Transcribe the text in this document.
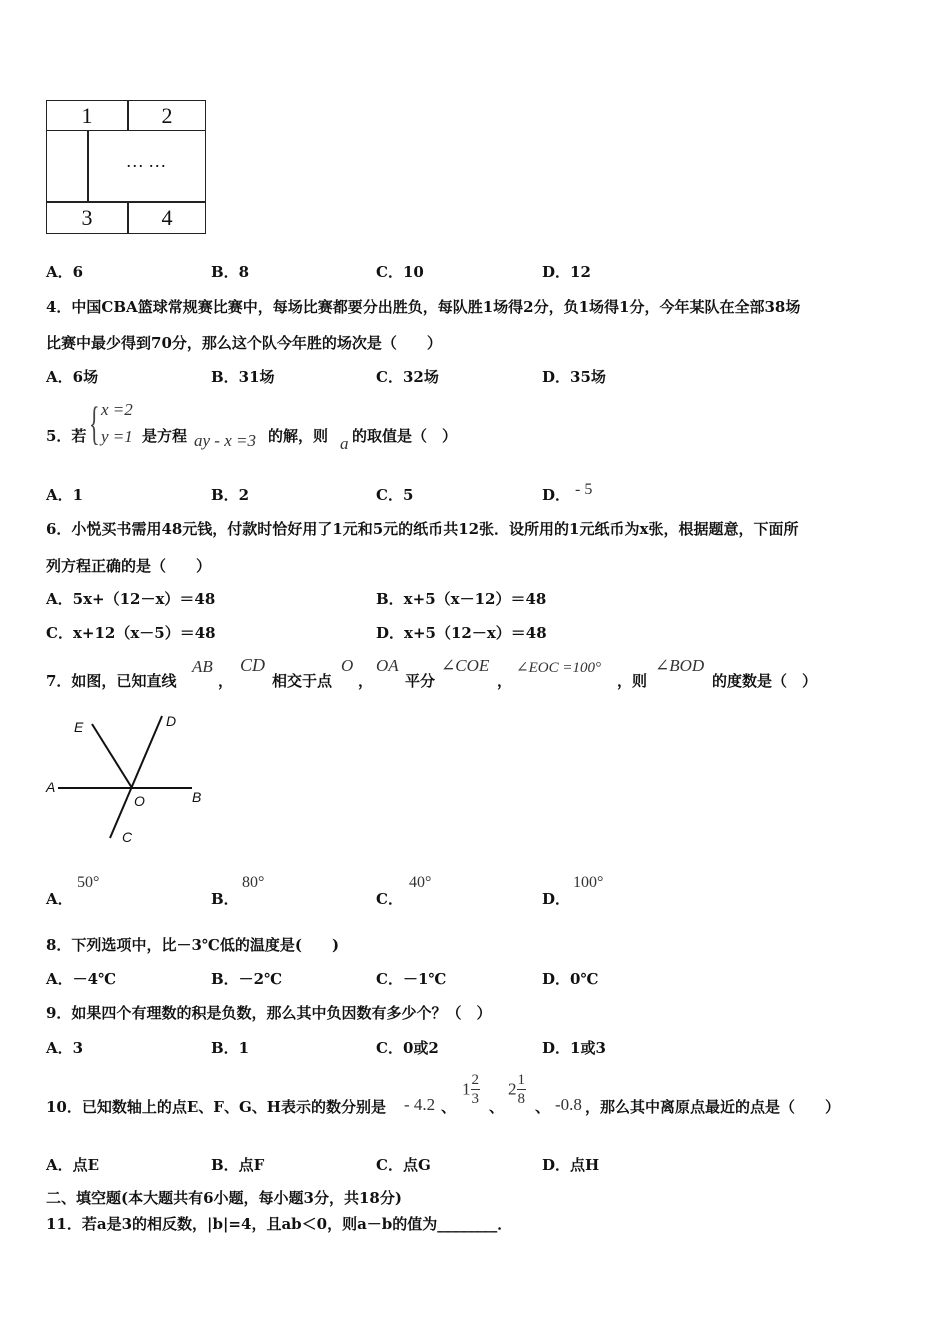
1	2
… …
3	4
A．6	B．8	C．10	D．12
4．中国CBA篮球常规赛比赛中，每场比赛都要分出胜负，每队胜1场得2分，负1场得1分，今年某队在全部38场
比赛中最少得到70分，那么这个队今年胜的场次是（　　）
A．6场	B．31场	C．32场	D．35场
5．若 { x =2
y =1 是方程 ay - x =3 的解，则 a 的取值是（　）
A．1	B．2	C．5	D． - 5
6．小悦买书需用48元钱，付款时恰好用了1元和5元的纸币共12张．设所用的1元纸币为x张，根据题意，下面所
列方程正确的是（　　）
A．5x+（12－x）＝48	B．x+5（x－12）＝48
C．x+12（x－5）＝48	D．x+5（12－x）＝48
7．如图，已知直线
AB
，
CD
相交于点
O
，
OA
平分
∠COE
，
∠EOC =100°
，则
∠BOD
的度数是（　）
E	D
A
O	B
C
A．
50°
B．
80°
C．
40°
D．
100°
8．下列选项中，比－3℃低的温度是(　　)
A．－4℃	B．－2℃	C．－1℃	D．0℃
9．如果四个有理数的积是负数，那么其中负因数有多少个？（　）
A．3	B．1	C．0或2	D．1或3
10．已知数轴上的点E、F、G、H表示的数分别是 - 4.2 、
$1 \frac{2}{3}$ 、
$2 \frac{1}{8}$ 、 -0.8 ，那么其中离原点最近的点是（　　）
A．点E	B．点F	C．点G	D．点H
二、填空题(本大题共有6小题，每小题3分，共18分)
11．若a是3的相反数，|b|=4，且ab＜0，则a－b的值为________．
